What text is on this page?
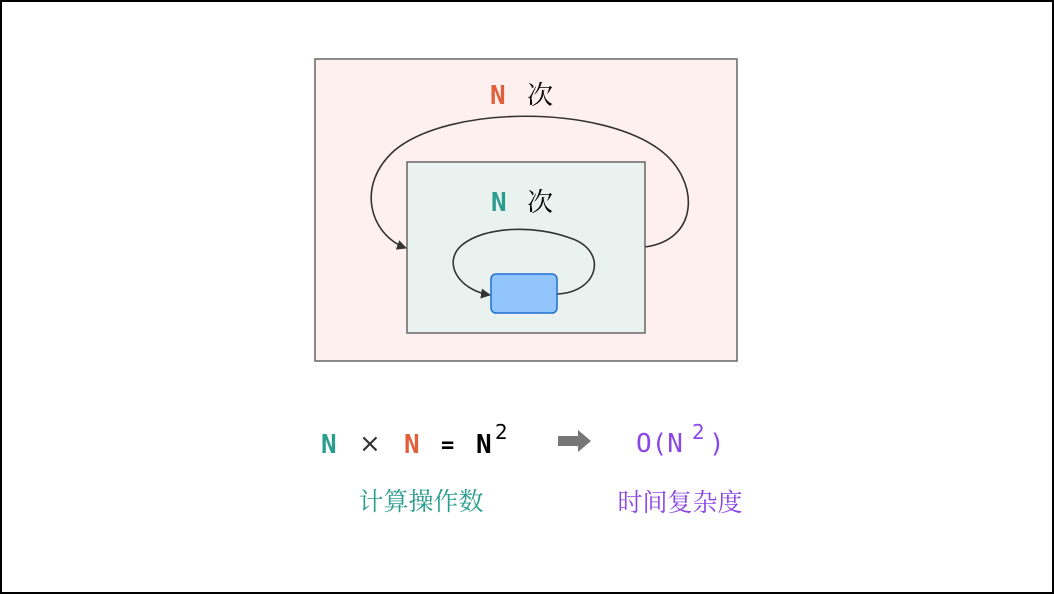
N 次
N 次
N × N = N 2	O(N 2 )
计算操作数	时间复杂度
